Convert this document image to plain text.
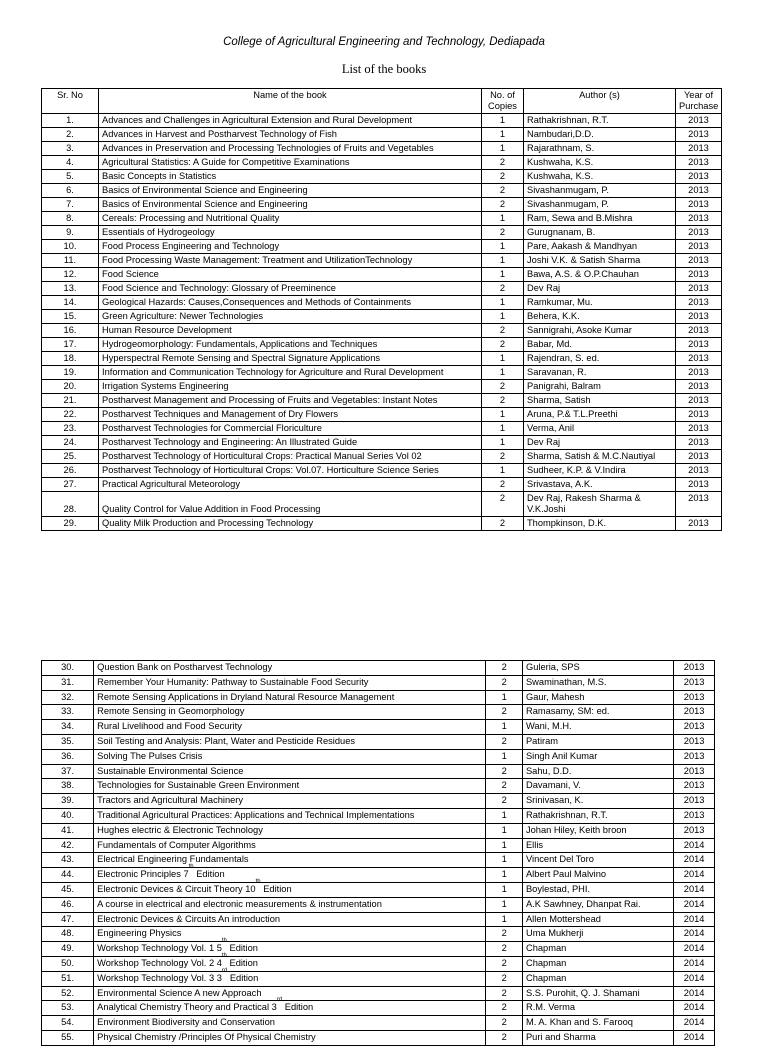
College of Agricultural Engineering and Technology, Dediapada
List of the books
Sr. No	Name of the book	No. of Copies	Author (s)	Year of Purchase
1.	Advances and Challenges in Agricultural Extension and Rural Development	1	Rathakrishnan, R.T.	2013
2.	Advances in Harvest and Postharvest Technology of Fish	1	Nambudari,D.D.	2013
3.	Advances in Preservation and Processing Technologies of Fruits and Vegetables	1	Rajarathnam, S.	2013
4.	Agricultural Statistics: A Guide for Competitive Examinations	2	Kushwaha, K.S.	2013
5.	Basic Concepts in Statistics	2	Kushwaha, K.S.	2013
6.	Basics of Environmental Science and Engineering	2	Sivashanmugam, P.	2013
7.	Basics of Environmental Science and Engineering	2	Sivashanmugam, P.	2013
8.	Cereals: Processing and Nutritional Quality	1	Ram, Sewa and B.Mishra	2013
9.	Essentials of Hydrogeology	2	Gurugnanam, B.	2013
10.	Food Process Engineering and Technology	1	Pare, Aakash & Mandhyan	2013
11.	Food Processing Waste Management: Treatment and UtilizationTechnology	1	Joshi V.K. & Satish Sharma	2013
12.	Food Science	1	Bawa, A.S. & O.P.Chauhan	2013
13.	Food Science and Technology: Glossary of Preeminence	2	Dev Raj	2013
14.	Geological Hazards: Causes,Consequences and Methods of Containments	1	Ramkumar, Mu.	2013
15.	Green Agriculture: Newer Technologies	1	Behera, K.K.	2013
16.	Human Resource Development	2	Sannigrahi, Asoke Kumar	2013
17.	Hydrogeomorphology: Fundamentals, Applications and Techniques	2	Babar, Md.	2013
18.	Hyperspectral Remote Sensing and Spectral Signature Applications	1	Rajendran, S. ed.	2013
19.	Information and Communication Technology for Agriculture and Rural Development	1	Saravanan, R.	2013
20.	Irrigation Systems Engineering	2	Panigrahi, Balram	2013
21.	Postharvest Management and Processing of Fruits and Vegetables: Instant Notes	2	Sharma, Satish	2013
22.	Postharvest Techniques and Management of Dry Flowers	1	Aruna, P.& T.L.Preethi	2013
23.	Postharvest Technologies for Commercial Floriculture	1	Verma, Anil	2013
24.	Postharvest Technology and Engineering: An Illustrated Guide	1	Dev Raj	2013
25.	Postharvest Technology of Horticultural Crops: Practical Manual Series Vol 02	2	Sharma, Satish & M.C.Nautiyal	2013
26.	Postharvest Technology of Horticultural Crops: Vol.07. Horticulture Science Series	1	Sudheer, K.P. & V.Indira	2013
27.	Practical Agricultural Meteorology	2	Srivastava, A.K.	2013
28.	Quality Control for Value Addition in Food Processing	2	Dev Raj, Rakesh Sharma & V.K.Joshi	2013
29.	Quality Milk Production and Processing Technology	2	Thompkinson, D.K.	2013
30.	Question Bank on Postharvest Technology	2	Guleria, SPS	2013
31.	Remember Your Humanity: Pathway to Sustainable Food Security	2	Swaminathan, M.S.	2013
32.	Remote Sensing Applications in Dryland Natural Resource Management	1	Gaur, Mahesh	2013
33.	Remote Sensing in Geomorphology	2	Ramasamy, SM: ed.	2013
34.	Rural Livelihood and Food Security	1	Wani, M.H.	2013
35.	Soil Testing and Analysis: Plant, Water and Pesticide Residues	2	Patiram	2013
36.	Solving The Pulses Crisis	1	Singh Anil Kumar	2013
37.	Sustainable Environmental Science	2	Sahu, D.D.	2013
38.	Technologies for Sustainable Green Environment	2	Davamani, V.	2013
39.	Tractors and Agricultural Machinery	2	Srinivasan, K.	2013
40.	Traditional Agricultural Practices: Applications and Technical Implementations	1	Rathakrishnan, R.T.	2013
41.	Hughes electric & Electronic Technology	1	Johan Hiley, Keith broon	2013
42.	Fundamentals of Computer Algorithms	1	Ellis	2014
43.	Electrical Engineering Fundamentals	1	Vincent Del Toro	2014
44.	Electronic Principles 7th Edition	1	Albert Paul Malvino	2014
45.	Electronic Devices & Circuit Theory 10th Edition	1	Boylestad, PHI.	2014
46.	A course in electrical and electronic measurements & instrumentation	1	A.K Sawhney, Dhanpat Rai.	2014
47.	Electronic Devices & Circuits An introduction	1	Allen Mottershead	2014
48.	Engineering Physics	2	Uma Mukherji	2014
49.	Workshop Technology Vol. 1 5th Edition	2	Chapman	2014
50.	Workshop Technology Vol. 2 4th Edition	2	Chapman	2014
51.	Workshop Technology Vol. 3 3rd Edition	2	Chapman	2014
52.	Environmental Science A new Approach	2	S.S. Purohit, Q. J. Shamani	2014
53.	Analytical Chemistry Theory and Practical 3rd Edition	2	R.M. Verma	2014
54.	Environment Biodiversity and Conservation	2	M. A. Khan and S. Farooq	2014
55.	Physical Chemistry /Principles Of Physical Chemistry	2	Puri and Sharma	2014
